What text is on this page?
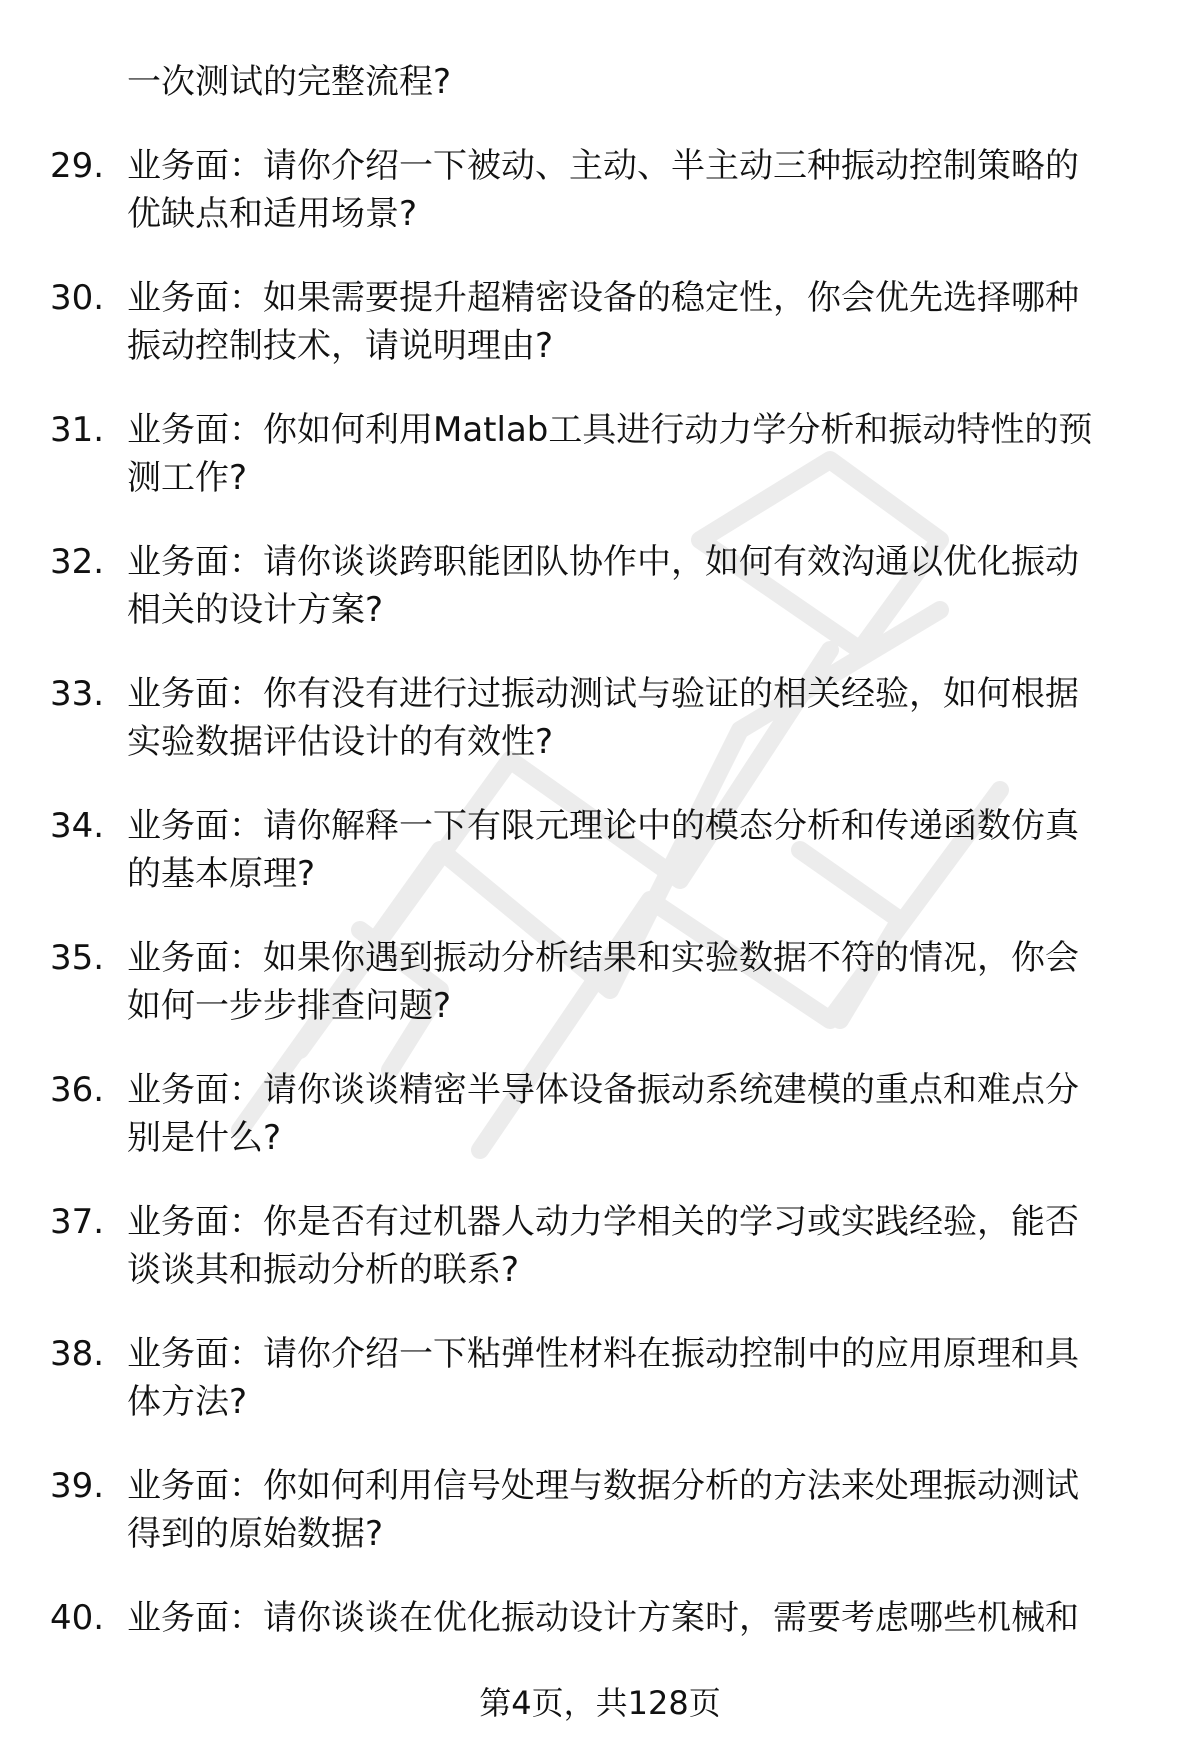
一次测试的完整流程?
29. 业务面：请你介绍一下被动、主动、半主动三种振动控制策略的
优缺点和适用场景?
30. 业务面：如果需要提升超精密设备的稳定性，你会优先选择哪种
振动控制技术，请说明理由?
31. 业务面：你如何利用Matlab工具进行动力学分析和振动特性的预
测工作?
32. 业务面：请你谈谈跨职能团队协作中，如何有效沟通以优化振动
相关的设计方案?
33. 业务面：你有没有进行过振动测试与验证的相关经验，如何根据
实验数据评估设计的有效性?
34. 业务面：请你解释一下有限元理论中的模态分析和传递函数仿真
的基本原理?
35. 业务面：如果你遇到振动分析结果和实验数据不符的情况，你会
如何一步步排查问题?
36. 业务面：请你谈谈精密半导体设备振动系统建模的重点和难点分
别是什么?
37. 业务面：你是否有过机器人动力学相关的学习或实践经验，能否
谈谈其和振动分析的联系?
38. 业务面：请你介绍一下粘弹性材料在振动控制中的应用原理和具
体方法?
39. 业务面：你如何利用信号处理与数据分析的方法来处理振动测试
得到的原始数据?
40. 业务面：请你谈谈在优化振动设计方案时，需要考虑哪些机械和
第4页，共128页
